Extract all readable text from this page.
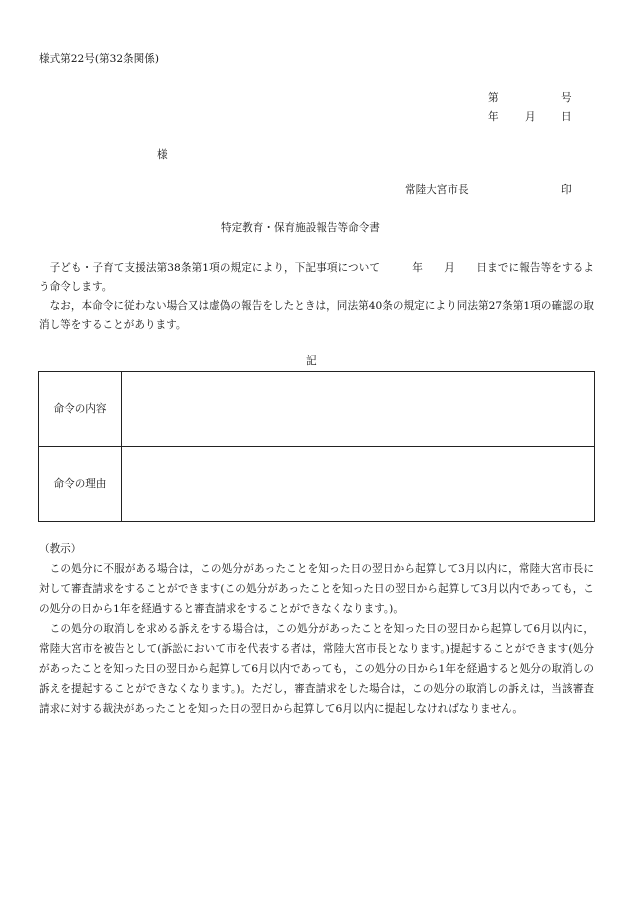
様式第22号(第32条関係)
第	号
年 月 日
様
常陸大宮市長	印
特定教育・保育施設報告等命令書

子ども・子育て支援法第38条第1項の規定により，下記事項について　　　年　　月　　日までに報告等をするよう命令します。

なお，本命令に従わない場合又は虚偽の報告をしたときは，同法第40条の規定により同法第27条第1項の確認の取消し等をすることがあります。

記
命令の内容	
命令の理由	
（教示）

この処分に不服がある場合は，この処分があったことを知った日の翌日から起算して3月以内に，常陸大宮市長に対して審査請求をすることができます(この処分があったことを知った日の翌日から起算して3月以内であっても，この処分の日から1年を経過すると審査請求をすることができなくなります。)。

この処分の取消しを求める訴えをする場合は，この処分があったことを知った日の翌日から起算して6月以内に，常陸大宮市を被告として(訴訟において市を代表する者は，常陸大宮市長となります。)提起することができます(処分があったことを知った日の翌日から起算して6月以内であっても，この処分の日から1年を経過すると処分の取消しの訴えを提起することができなくなります。)。ただし，審査請求をした場合は，この処分の取消しの訴えは，当該審査請求に対する裁決があったことを知った日の翌日から起算して6月以内に提起しなければなりません。
